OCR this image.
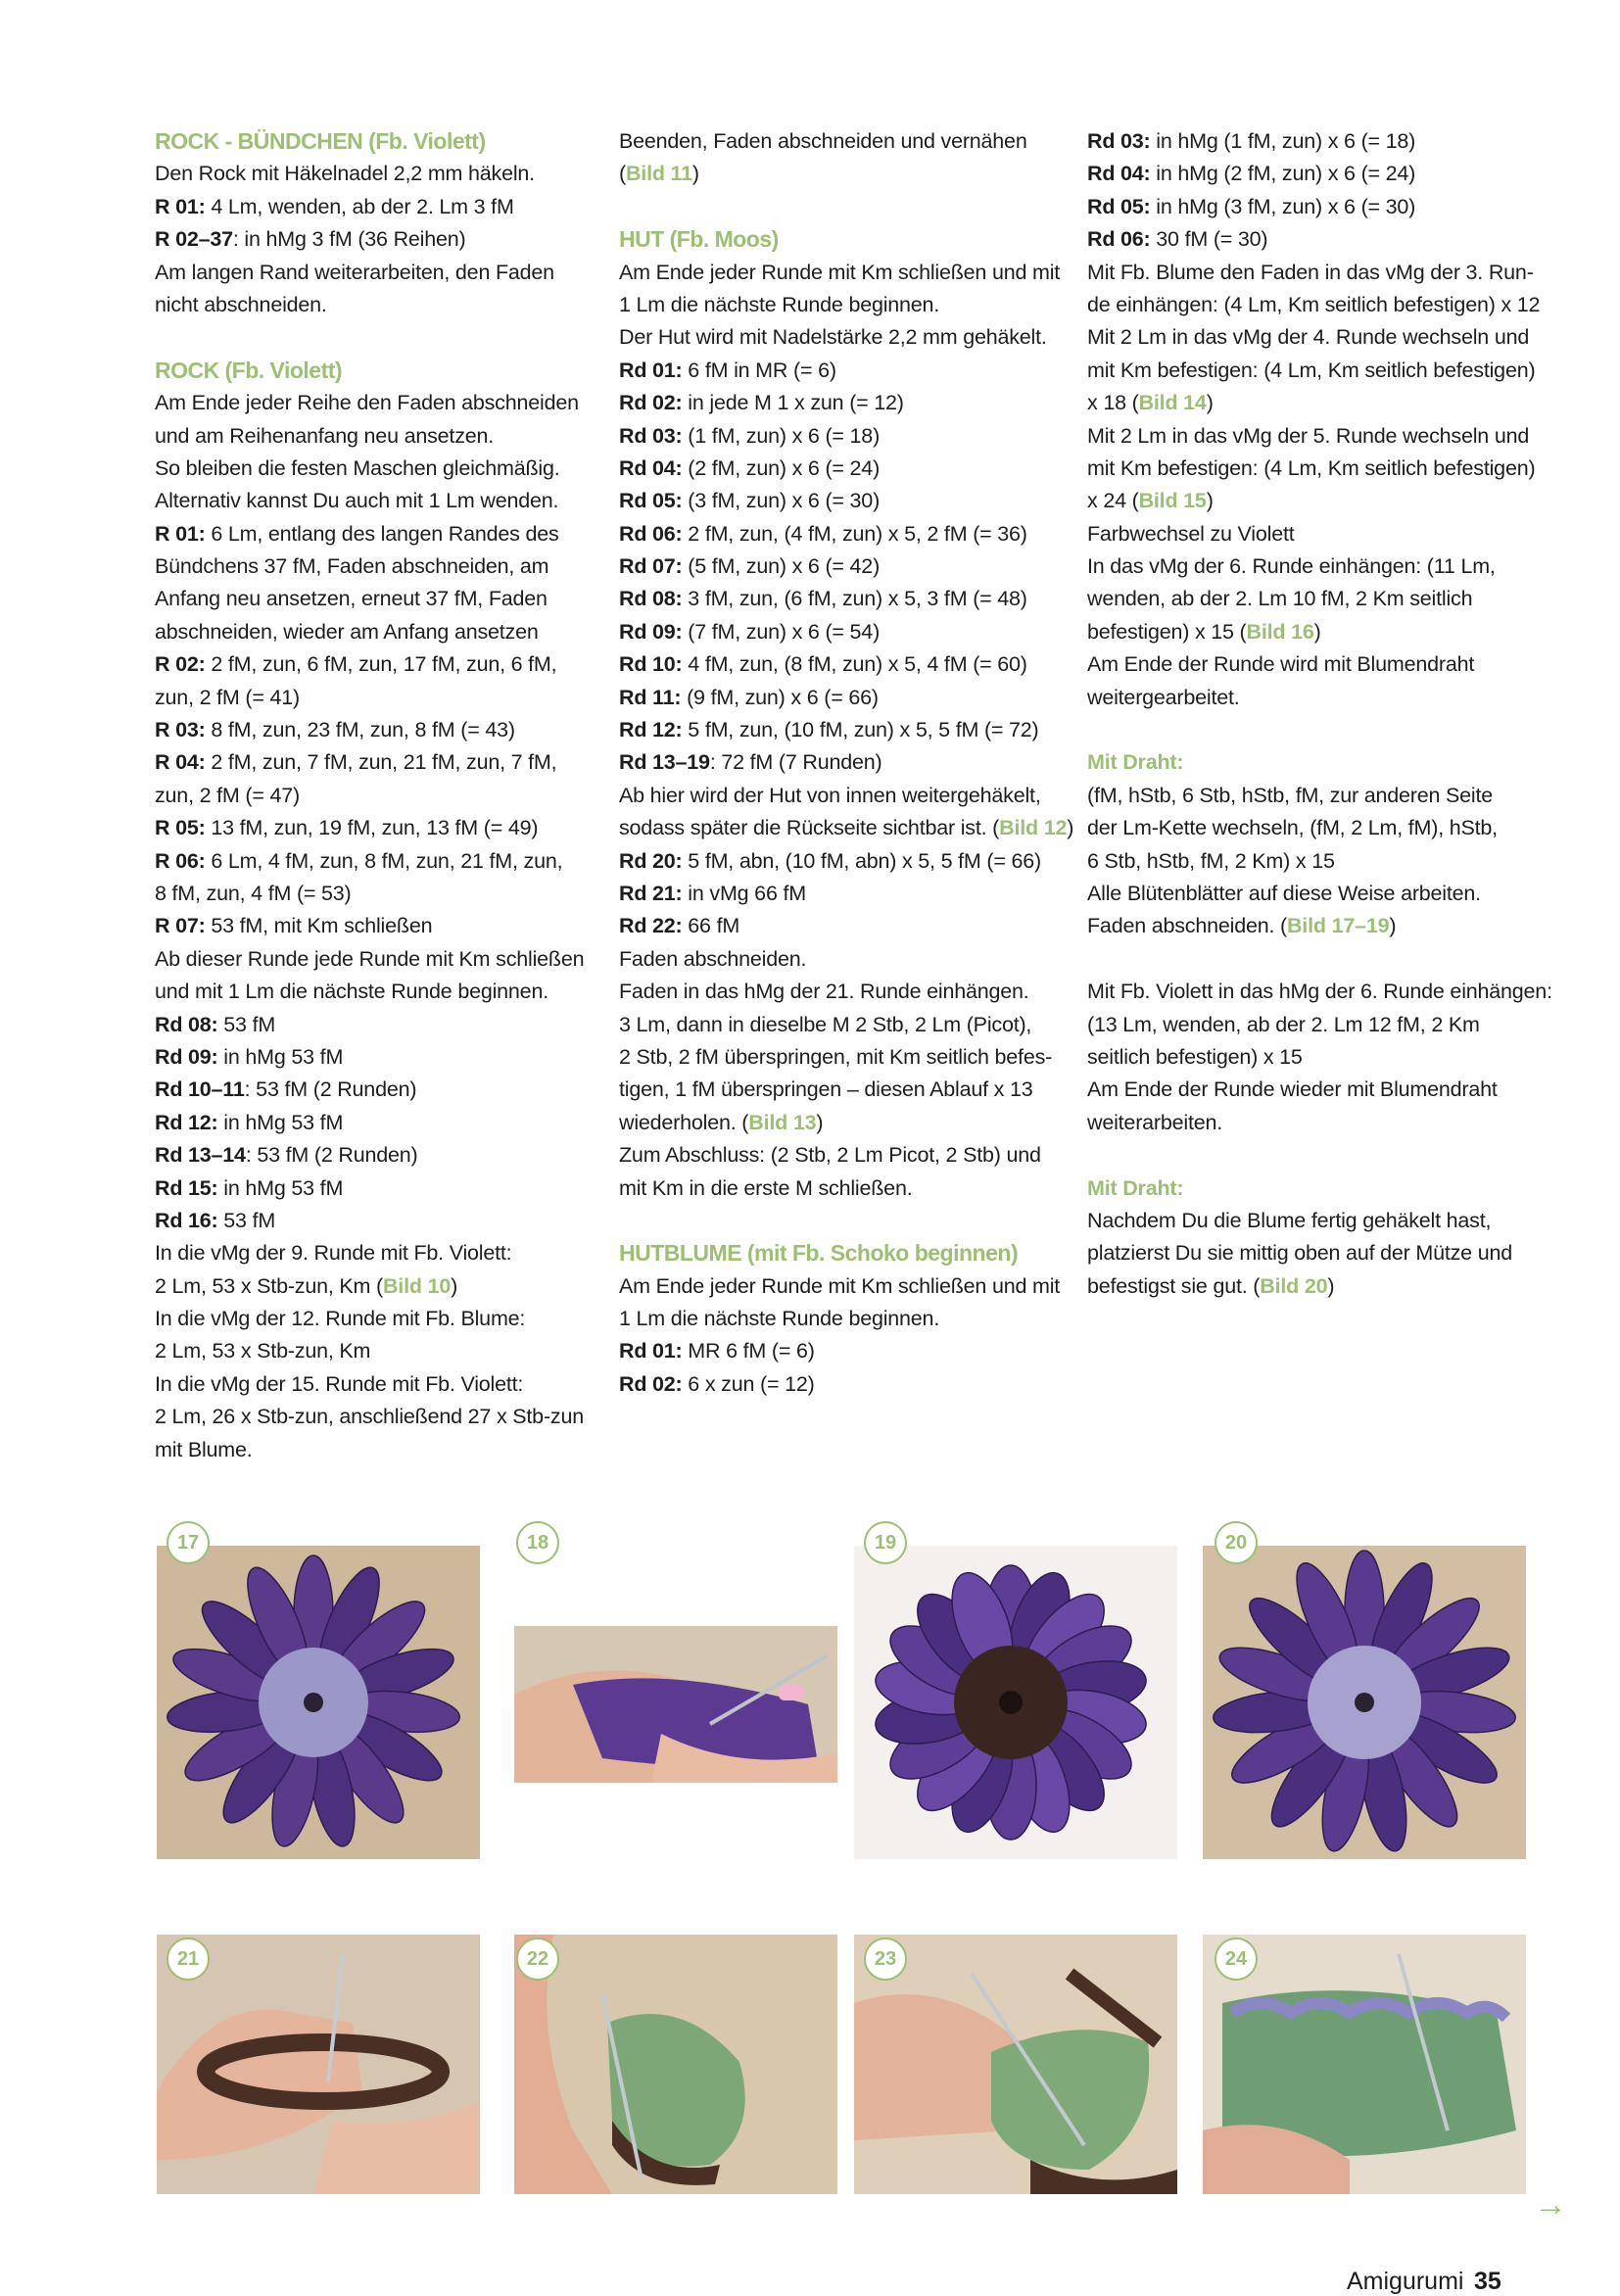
ROCK - BÜNDCHEN (Fb. Violett)
Den Rock mit Häkelnadel 2,2 mm häkeln.
R 01: 4 Lm, wenden, ab der 2. Lm 3 fM
R 02–37: in hMg 3 fM (36 Reihen)
Am langen Rand weiterarbeiten, den Faden
nicht abschneiden.
ROCK (Fb. Violett)
Am Ende jeder Reihe den Faden abschneiden
und am Reihenanfang neu ansetzen.
So bleiben die festen Maschen gleichmäßig.
Alternativ kannst Du auch mit 1 Lm wenden.
R 01: 6 Lm, entlang des langen Randes des
Bündchens 37 fM, Faden abschneiden, am
Anfang neu ansetzen, erneut 37 fM, Faden
abschneiden, wieder am Anfang ansetzen
R 02: 2 fM, zun, 6 fM, zun, 17 fM, zun, 6 fM,
zun, 2 fM (= 41)
R 03: 8 fM, zun, 23 fM, zun, 8 fM (= 43)
R 04: 2 fM, zun, 7 fM, zun, 21 fM, zun, 7 fM,
zun, 2 fM (= 47)
R 05: 13 fM, zun, 19 fM, zun, 13 fM (= 49)
R 06: 6 Lm, 4 fM, zun, 8 fM, zun, 21 fM, zun,
8 fM, zun, 4 fM (= 53)
R 07: 53 fM, mit Km schließen
Ab dieser Runde jede Runde mit Km schließen
und mit 1 Lm die nächste Runde beginnen.
Rd 08: 53 fM
Rd 09: in hMg 53 fM
Rd 10–11: 53 fM (2 Runden)
Rd 12: in hMg 53 fM
Rd 13–14: 53 fM (2 Runden)
Rd 15: in hMg 53 fM
Rd 16: 53 fM
In die vMg der 9. Runde mit Fb. Violett:
2 Lm, 53 x Stb-zun, Km (Bild 10)
In die vMg der 12. Runde mit Fb. Blume:
2 Lm, 53 x Stb-zun, Km
In die vMg der 15. Runde mit Fb. Violett:
2 Lm, 26 x Stb-zun, anschließend 27 x Stb-zun
mit Blume.
Beenden, Faden abschneiden und vernähen
(Bild 11)
HUT (Fb. Moos)
Am Ende jeder Runde mit Km schließen und mit
1 Lm die nächste Runde beginnen.
Der Hut wird mit Nadelstärke 2,2 mm gehäkelt.
Rd 01: 6 fM in MR (= 6)
Rd 02: in jede M 1 x zun (= 12)
Rd 03: (1 fM, zun) x 6 (= 18)
Rd 04: (2 fM, zun) x 6 (= 24)
Rd 05: (3 fM, zun) x 6 (= 30)
Rd 06: 2 fM, zun, (4 fM, zun) x 5, 2 fM (= 36)
Rd 07: (5 fM, zun) x 6 (= 42)
Rd 08: 3 fM, zun, (6 fM, zun) x 5, 3 fM (= 48)
Rd 09: (7 fM, zun) x 6 (= 54)
Rd 10: 4 fM, zun, (8 fM, zun) x 5, 4 fM (= 60)
Rd 11: (9 fM, zun) x 6 (= 66)
Rd 12: 5 fM, zun, (10 fM, zun) x 5, 5 fM (= 72)
Rd 13–19: 72 fM (7 Runden)
Ab hier wird der Hut von innen weitergehäkelt,
sodass später die Rückseite sichtbar ist. (Bild 12)
Rd 20: 5 fM, abn, (10 fM, abn) x 5, 5 fM (= 66)
Rd 21: in vMg 66 fM
Rd 22: 66 fM
Faden abschneiden.
Faden in das hMg der 21. Runde einhängen.
3 Lm, dann in dieselbe M 2 Stb, 2 Lm (Picot),
2 Stb, 2 fM überspringen, mit Km seitlich befes-
tigen, 1 fM überspringen – diesen Ablauf x 13
wiederholen. (Bild 13)
Zum Abschluss: (2 Stb, 2 Lm Picot, 2 Stb) und
mit Km in die erste M schließen.
HUTBLUME (mit Fb. Schoko beginnen)
Am Ende jeder Runde mit Km schließen und mit
1 Lm die nächste Runde beginnen.
Rd 01: MR 6 fM (= 6)
Rd 02: 6 x zun (= 12)
Rd 03: in hMg (1 fM, zun) x 6 (= 18)
Rd 04: in hMg (2 fM, zun) x 6 (= 24)
Rd 05: in hMg (3 fM, zun) x 6 (= 30)
Rd 06: 30 fM (= 30)
Mit Fb. Blume den Faden in das vMg der 3. Run-
de einhängen: (4 Lm, Km seitlich befestigen) x 12
Mit 2 Lm in das vMg der 4. Runde wechseln und
mit Km befestigen: (4 Lm, Km seitlich befestigen)
x 18 (Bild 14)
Mit 2 Lm in das vMg der 5. Runde wechseln und
mit Km befestigen: (4 Lm, Km seitlich befestigen)
x 24 (Bild 15)
Farbwechsel zu Violett
In das vMg der 6. Runde einhängen: (11 Lm,
wenden, ab der 2. Lm 10 fM, 2 Km seitlich
befestigen) x 15 (Bild 16)
Am Ende der Runde wird mit Blumendraht
weitergearbeitet.
Mit Draht:
(fM, hStb, 6 Stb, hStb, fM, zur anderen Seite
der Lm-Kette wechseln, (fM, 2 Lm, fM), hStb,
6 Stb, hStb, fM, 2 Km) x 15
Alle Blütenblätter auf diese Weise arbeiten.
Faden abschneiden. (Bild 17–19)
Mit Fb. Violett in das hMg der 6. Runde einhängen:
(13 Lm, wenden, ab der 2. Lm 12 fM, 2 Km
seitlich befestigen) x 15
Am Ende der Runde wieder mit Blumendraht
weiterarbeiten.
Mit Draht:
Nachdem Du die Blume fertig gehäkelt hast,
platzierst Du sie mittig oben auf der Mütze und
befestigst sie gut. (Bild 20)
17	18	19	20
21	22	23	24
→
Amigurumi 35
